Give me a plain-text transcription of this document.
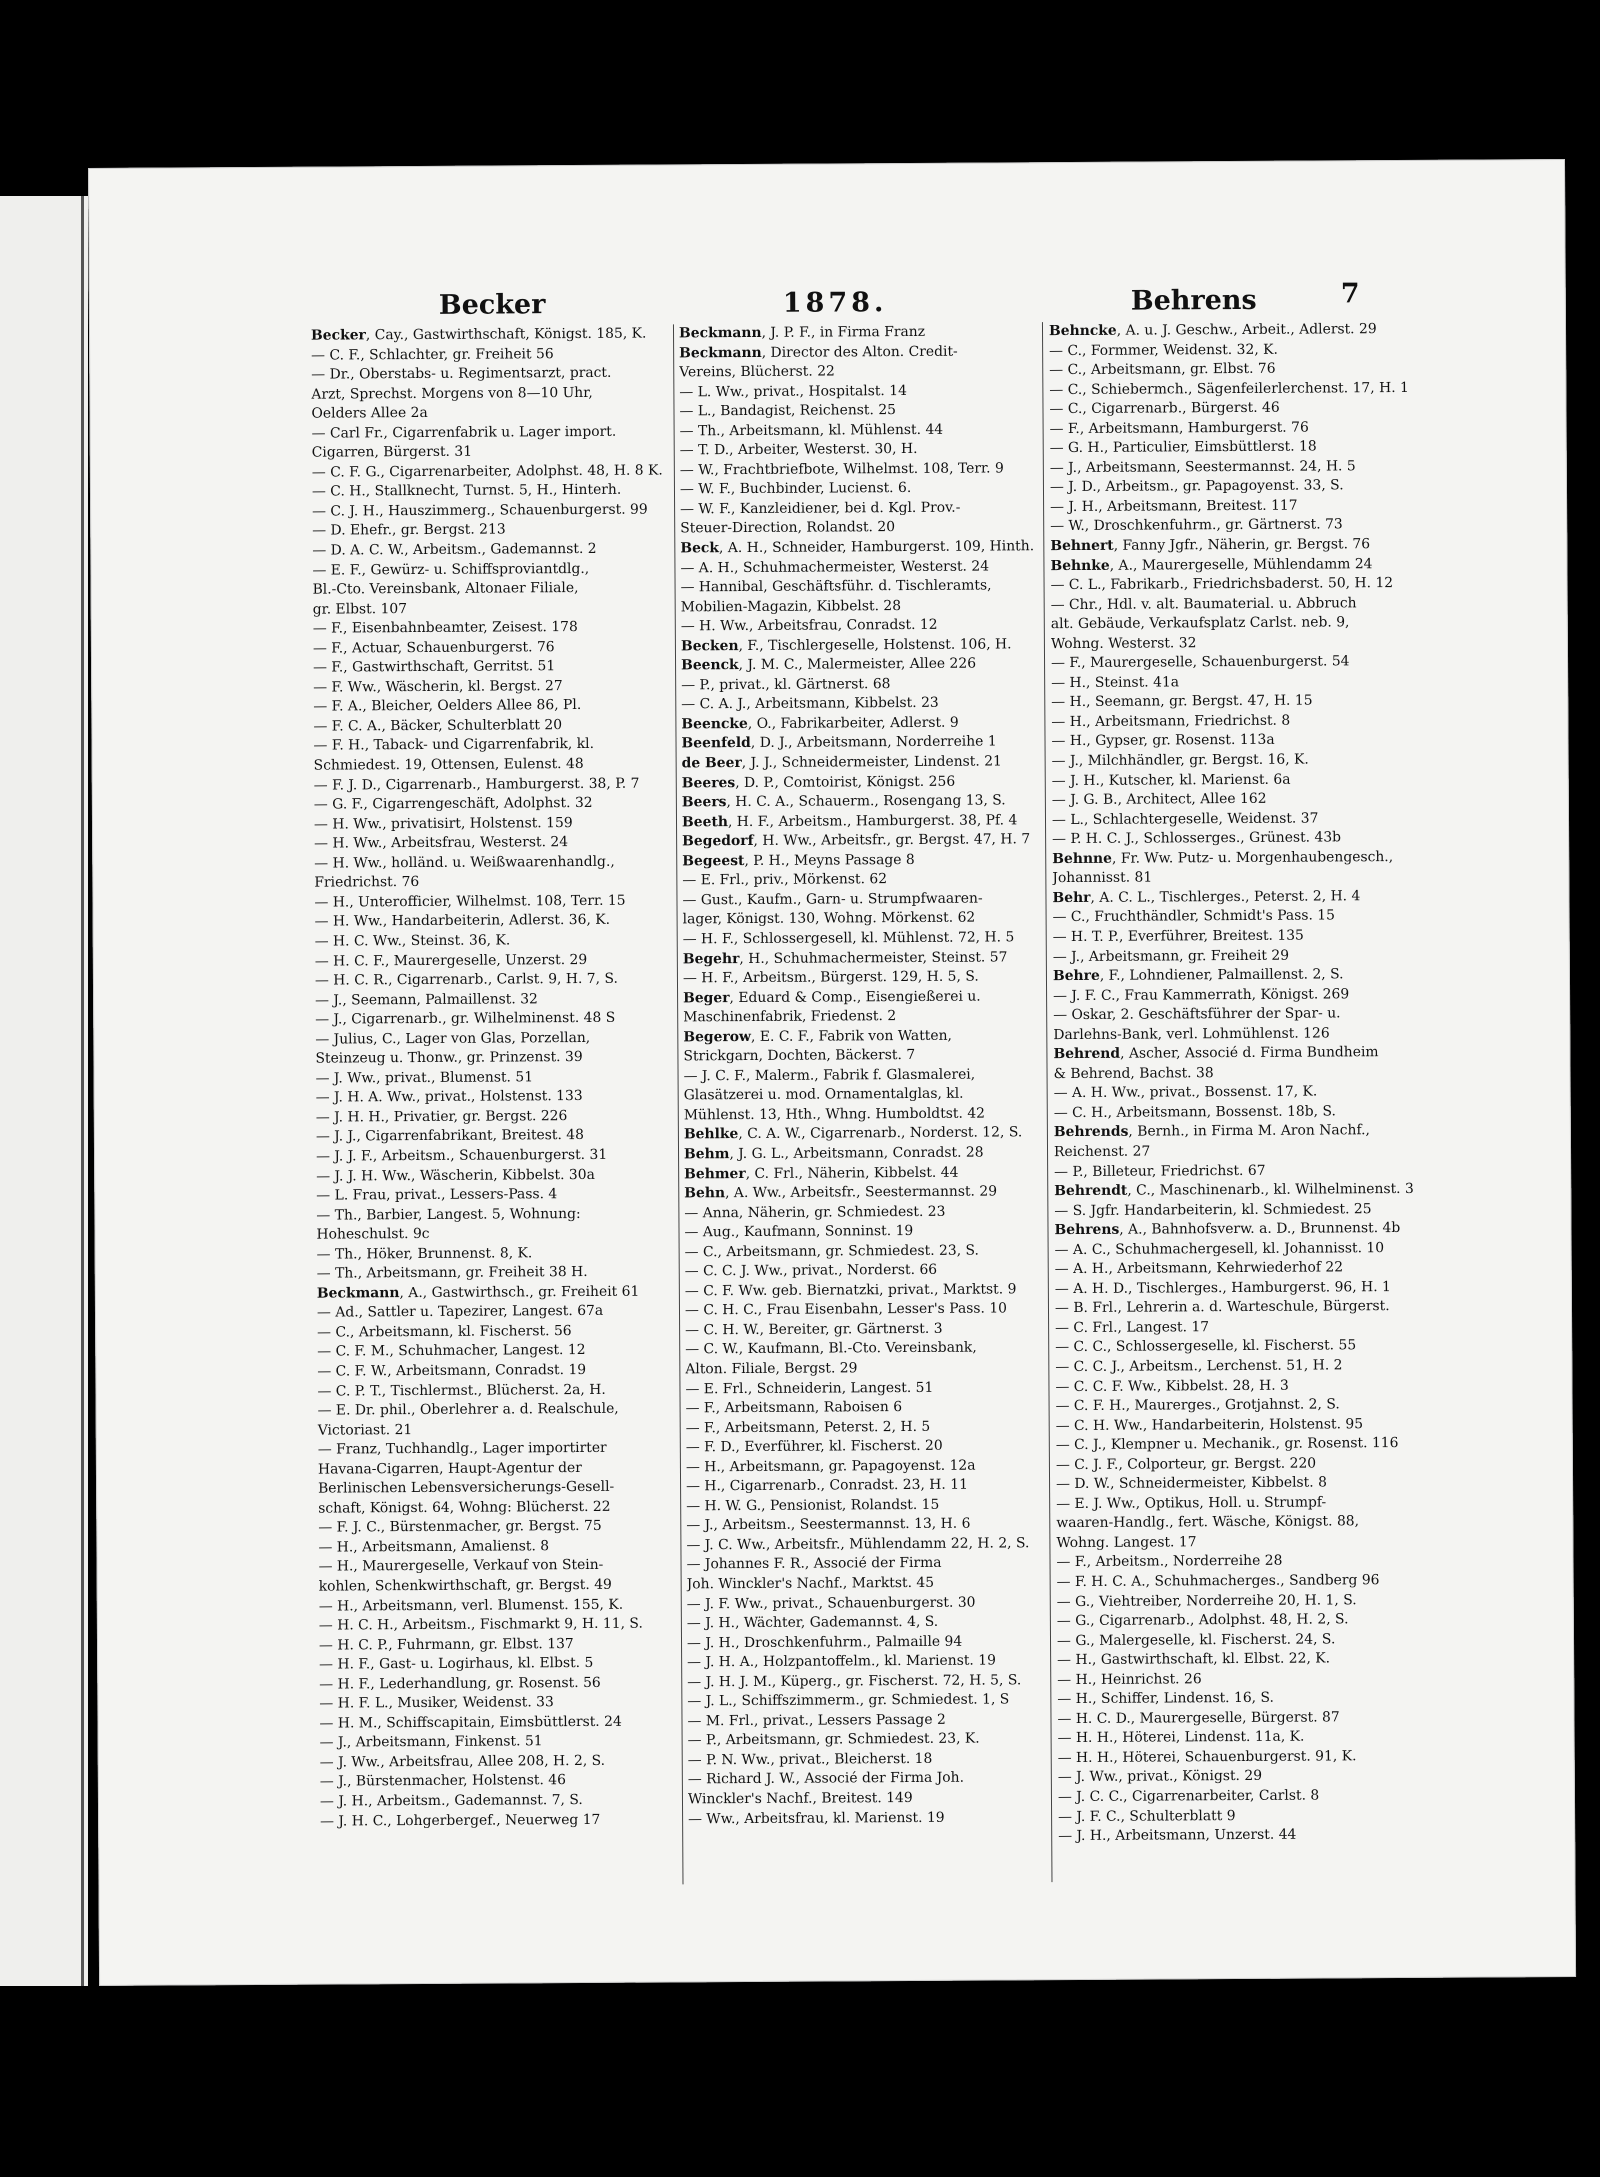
Becker	1878.	Behrens	7
Becker, Cay., Gastwirthschaft, Königst. 185, K.
— C. F., Schlachter, gr. Freiheit 56
— Dr., Oberstabs- u. Regimentsarzt, pract.
Arzt, Sprechst. Morgens von 8—10 Uhr,
Oelders Allee 2a
— Carl Fr., Cigarrenfabrik u. Lager import.
Cigarren, Bürgerst. 31
— C. F. G., Cigarrenarbeiter, Adolphst. 48, H. 8 K.
— C. H., Stallknecht, Turnst. 5, H., Hinterh.
— C. J. H., Hauszimmerg., Schauenburgerst. 99
— D. Ehefr., gr. Bergst. 213
— D. A. C. W., Arbeitsm., Gademannst. 2
— E. F., Gewürz- u. Schiffsproviantdlg.,
Bl.-Cto. Vereinsbank, Altonaer Filiale,
gr. Elbst. 107
— F., Eisenbahnbeamter, Zeisest. 178
— F., Actuar, Schauenburgerst. 76
— F., Gastwirthschaft, Gerritst. 51
— F. Ww., Wäscherin, kl. Bergst. 27
— F. A., Bleicher, Oelders Allee 86, Pl.
— F. C. A., Bäcker, Schulterblatt 20
— F. H., Taback- und Cigarrenfabrik, kl.
Schmiedest. 19, Ottensen, Eulenst. 48
— F. J. D., Cigarrenarb., Hamburgerst. 38, P. 7
— G. F., Cigarrengeschäft, Adolphst. 32
— H. Ww., privatisirt, Holstenst. 159
— H. Ww., Arbeitsfrau, Westerst. 24
— H. Ww., holländ. u. Weißwaarenhandlg.,
Friedrichst. 76
— H., Unterofficier, Wilhelmst. 108, Terr. 15
— H. Ww., Handarbeiterin, Adlerst. 36, K.
— H. C. Ww., Steinst. 36, K.
— H. C. F., Maurergeselle, Unzerst. 29
— H. C. R., Cigarrenarb., Carlst. 9, H. 7, S.
— J., Seemann, Palmaillenst. 32
— J., Cigarrenarb., gr. Wilhelminenst. 48 S
— Julius, C., Lager von Glas, Porzellan,
Steinzeug u. Thonw., gr. Prinzenst. 39
— J. Ww., privat., Blumenst. 51
— J. H. A. Ww., privat., Holstenst. 133
— J. H. H., Privatier, gr. Bergst. 226
— J. J., Cigarrenfabrikant, Breitest. 48
— J. J. F., Arbeitsm., Schauenburgerst. 31
— J. J. H. Ww., Wäscherin, Kibbelst. 30a
— L. Frau, privat., Lessers-Pass. 4
— Th., Barbier, Langest. 5, Wohnung:
Hoheschulst. 9c
— Th., Höker, Brunnenst. 8, K.
— Th., Arbeitsmann, gr. Freiheit 38 H.
Beckmann, A., Gastwirthsch., gr. Freiheit 61
— Ad., Sattler u. Tapezirer, Langest. 67a
— C., Arbeitsmann, kl. Fischerst. 56
— C. F. M., Schuhmacher, Langest. 12
— C. F. W., Arbeitsmann, Conradst. 19
— C. P. T., Tischlermst., Blücherst. 2a, H.
— E. Dr. phil., Oberlehrer a. d. Realschule,
Victoriast. 21
— Franz, Tuchhandlg., Lager importirter
Havana-Cigarren, Haupt-Agentur der
Berlinischen Lebensversicherungs-Gesell-
schaft, Königst. 64, Wohng: Blücherst. 22
— F. J. C., Bürstenmacher, gr. Bergst. 75
— H., Arbeitsmann, Amalienst. 8
— H., Maurergeselle, Verkauf von Stein-
kohlen, Schenkwirthschaft, gr. Bergst. 49
— H., Arbeitsmann, verl. Blumenst. 155, K.
— H. C. H., Arbeitsm., Fischmarkt 9, H. 11, S.
— H. C. P., Fuhrmann, gr. Elbst. 137
— H. F., Gast- u. Logirhaus, kl. Elbst. 5
— H. F., Lederhandlung, gr. Rosenst. 56
— H. F. L., Musiker, Weidenst. 33
— H. M., Schiffscapitain, Eimsbüttlerst. 24
— J., Arbeitsmann, Finkenst. 51
— J. Ww., Arbeitsfrau, Allee 208, H. 2, S.
— J., Bürstenmacher, Holstenst. 46
— J. H., Arbeitsm., Gademannst. 7, S.
— J. H. C., Lohgerbergef., Neuerweg 17
Beckmann, J. P. F., in Firma Franz
Beckmann, Director des Alton. Credit-
Vereins, Blücherst. 22
— L. Ww., privat., Hospitalst. 14
— L., Bandagist, Reichenst. 25
— Th., Arbeitsmann, kl. Mühlenst. 44
— T. D., Arbeiter, Westerst. 30, H.
— W., Frachtbriefbote, Wilhelmst. 108, Terr. 9
— W. F., Buchbinder, Lucienst. 6.
— W. F., Kanzleidiener, bei d. Kgl. Prov.-
Steuer-Direction, Rolandst. 20
Beck, A. H., Schneider, Hamburgerst. 109, Hinth.
— A. H., Schuhmachermeister, Westerst. 24
— Hannibal, Geschäftsführ. d. Tischleramts,
Mobilien-Magazin, Kibbelst. 28
— H. Ww., Arbeitsfrau, Conradst. 12
Becken, F., Tischlergeselle, Holstenst. 106, H.
Beenck, J. M. C., Malermeister, Allee 226
— P., privat., kl. Gärtnerst. 68
— C. A. J., Arbeitsmann, Kibbelst. 23
Beencke, O., Fabrikarbeiter, Adlerst. 9
Beenfeld, D. J., Arbeitsmann, Norderreihe 1
de Beer, J. J., Schneidermeister, Lindenst. 21
Beeres, D. P., Comtoirist, Königst. 256
Beers, H. C. A., Schauerm., Rosengang 13, S.
Beeth, H. F., Arbeitsm., Hamburgerst. 38, Pf. 4
Begedorf, H. Ww., Arbeitsfr., gr. Bergst. 47, H. 7
Begeest, P. H., Meyns Passage 8
— E. Frl., priv., Mörkenst. 62
— Gust., Kaufm., Garn- u. Strumpfwaaren-
lager, Königst. 130, Wohng. Mörkenst. 62
— H. F., Schlossergesell, kl. Mühlenst. 72, H. 5
Begehr, H., Schuhmachermeister, Steinst. 57
— H. F., Arbeitsm., Bürgerst. 129, H. 5, S.
Beger, Eduard & Comp., Eisengießerei u.
Maschinenfabrik, Friedenst. 2
Begerow, E. C. F., Fabrik von Watten,
Strickgarn, Dochten, Bäckerst. 7
— J. C. F., Malerm., Fabrik f. Glasmalerei,
Glasätzerei u. mod. Ornamentalglas, kl.
Mühlenst. 13, Hth., Whng. Humboldtst. 42
Behlke, C. A. W., Cigarrenarb., Norderst. 12, S.
Behm, J. G. L., Arbeitsmann, Conradst. 28
Behmer, C. Frl., Näherin, Kibbelst. 44
Behn, A. Ww., Arbeitsfr., Seestermannst. 29
— Anna, Näherin, gr. Schmiedest. 23
— Aug., Kaufmann, Sonninst. 19
— C., Arbeitsmann, gr. Schmiedest. 23, S.
— C. C. J. Ww., privat., Norderst. 66
— C. F. Ww. geb. Biernatzki, privat., Marktst. 9
— C. H. C., Frau Eisenbahn, Lesser's Pass. 10
— C. H. W., Bereiter, gr. Gärtnerst. 3
— C. W., Kaufmann, Bl.-Cto. Vereinsbank,
Alton. Filiale, Bergst. 29
— E. Frl., Schneiderin, Langest. 51
— F., Arbeitsmann, Raboisen 6
— F., Arbeitsmann, Peterst. 2, H. 5
— F. D., Everführer, kl. Fischerst. 20
— H., Arbeitsmann, gr. Papagoyenst. 12a
— H., Cigarrenarb., Conradst. 23, H. 11
— H. W. G., Pensionist, Rolandst. 15
— J., Arbeitsm., Seestermannst. 13, H. 6
— J. C. Ww., Arbeitsfr., Mühlendamm 22, H. 2, S.
— Johannes F. R., Associé der Firma
Joh. Winckler's Nachf., Marktst. 45
— J. F. Ww., privat., Schauenburgerst. 30
— J. H., Wächter, Gademannst. 4, S.
— J. H., Droschkenfuhrm., Palmaille 94
— J. H. A., Holzpantoffelm., kl. Marienst. 19
— J. H. J. M., Küperg., gr. Fischerst. 72, H. 5, S.
— J. L., Schiffszimmerm., gr. Schmiedest. 1, S
— M. Frl., privat., Lessers Passage 2
— P., Arbeitsmann, gr. Schmiedest. 23, K.
— P. N. Ww., privat., Bleicherst. 18
— Richard J. W., Associé der Firma Joh.
Winckler's Nachf., Breitest. 149
— Ww., Arbeitsfrau, kl. Marienst. 19
Behncke, A. u. J. Geschw., Arbeit., Adlerst. 29
— C., Formmer, Weidenst. 32, K.
— C., Arbeitsmann, gr. Elbst. 76
— C., Schiebermch., Sägenfeilerlerchenst. 17, H. 1
— C., Cigarrenarb., Bürgerst. 46
— F., Arbeitsmann, Hamburgerst. 76
— G. H., Particulier, Eimsbüttlerst. 18
— J., Arbeitsmann, Seestermannst. 24, H. 5
— J. D., Arbeitsm., gr. Papagoyenst. 33, S.
— J. H., Arbeitsmann, Breitest. 117
— W., Droschkenfuhrm., gr. Gärtnerst. 73
Behnert, Fanny Jgfr., Näherin, gr. Bergst. 76
Behnke, A., Maurergeselle, Mühlendamm 24
— C. L., Fabrikarb., Friedrichsbaderst. 50, H. 12
— Chr., Hdl. v. alt. Baumaterial. u. Abbruch
alt. Gebäude, Verkaufsplatz Carlst. neb. 9,
Wohng. Westerst. 32
— F., Maurergeselle, Schauenburgerst. 54
— H., Steinst. 41a
— H., Seemann, gr. Bergst. 47, H. 15
— H., Arbeitsmann, Friedrichst. 8
— H., Gypser, gr. Rosenst. 113a
— J., Milchhändler, gr. Bergst. 16, K.
— J. H., Kutscher, kl. Marienst. 6a
— J. G. B., Architect, Allee 162
— L., Schlachtergeselle, Weidenst. 37
— P. H. C. J., Schlosserges., Grünest. 43b
Behnne, Fr. Ww. Putz- u. Morgenhaubengesch.,
Johannisst. 81
Behr, A. C. L., Tischlerges., Peterst. 2, H. 4
— C., Fruchthändler, Schmidt's Pass. 15
— H. T. P., Everführer, Breitest. 135
— J., Arbeitsmann, gr. Freiheit 29
Behre, F., Lohndiener, Palmaillenst. 2, S.
— J. F. C., Frau Kammerrath, Königst. 269
— Oskar, 2. Geschäftsführer der Spar- u.
Darlehns-Bank, verl. Lohmühlenst. 126
Behrend, Ascher, Associé d. Firma Bundheim
& Behrend, Bachst. 38
— A. H. Ww., privat., Bossenst. 17, K.
— C. H., Arbeitsmann, Bossenst. 18b, S.
Behrends, Bernh., in Firma M. Aron Nachf.,
Reichenst. 27
— P., Billeteur, Friedrichst. 67
Behrendt, C., Maschinenarb., kl. Wilhelminenst. 3
— S. Jgfr. Handarbeiterin, kl. Schmiedest. 25
Behrens, A., Bahnhofsverw. a. D., Brunnenst. 4b
— A. C., Schuhmachergesell, kl. Johannisst. 10
— A. H., Arbeitsmann, Kehrwiederhof 22
— A. H. D., Tischlerges., Hamburgerst. 96, H. 1
— B. Frl., Lehrerin a. d. Warteschule, Bürgerst.
— C. Frl., Langest. 17
— C. C., Schlossergeselle, kl. Fischerst. 55
— C. C. J., Arbeitsm., Lerchenst. 51, H. 2
— C. C. F. Ww., Kibbelst. 28, H. 3
— C. F. H., Maurerges., Grotjahnst. 2, S.
— C. H. Ww., Handarbeiterin, Holstenst. 95
— C. J., Klempner u. Mechanik., gr. Rosenst. 116
— C. J. F., Colporteur, gr. Bergst. 220
— D. W., Schneidermeister, Kibbelst. 8
— E. J. Ww., Optikus, Holl. u. Strumpf-
waaren-Handlg., fert. Wäsche, Königst. 88,
Wohng. Langest. 17
— F., Arbeitsm., Norderreihe 28
— F. H. C. A., Schuhmacherges., Sandberg 96
— G., Viehtreiber, Norderreihe 20, H. 1, S.
— G., Cigarrenarb., Adolphst. 48, H. 2, S.
— G., Malergeselle, kl. Fischerst. 24, S.
— H., Gastwirthschaft, kl. Elbst. 22, K.
— H., Heinrichst. 26
— H., Schiffer, Lindenst. 16, S.
— H. C. D., Maurergeselle, Bürgerst. 87
— H. H., Höterei, Lindenst. 11a, K.
— H. H., Höterei, Schauenburgerst. 91, K.
— J. Ww., privat., Königst. 29
— J. C. C., Cigarrenarbeiter, Carlst. 8
— J. F. C., Schulterblatt 9
— J. H., Arbeitsmann, Unzerst. 44
